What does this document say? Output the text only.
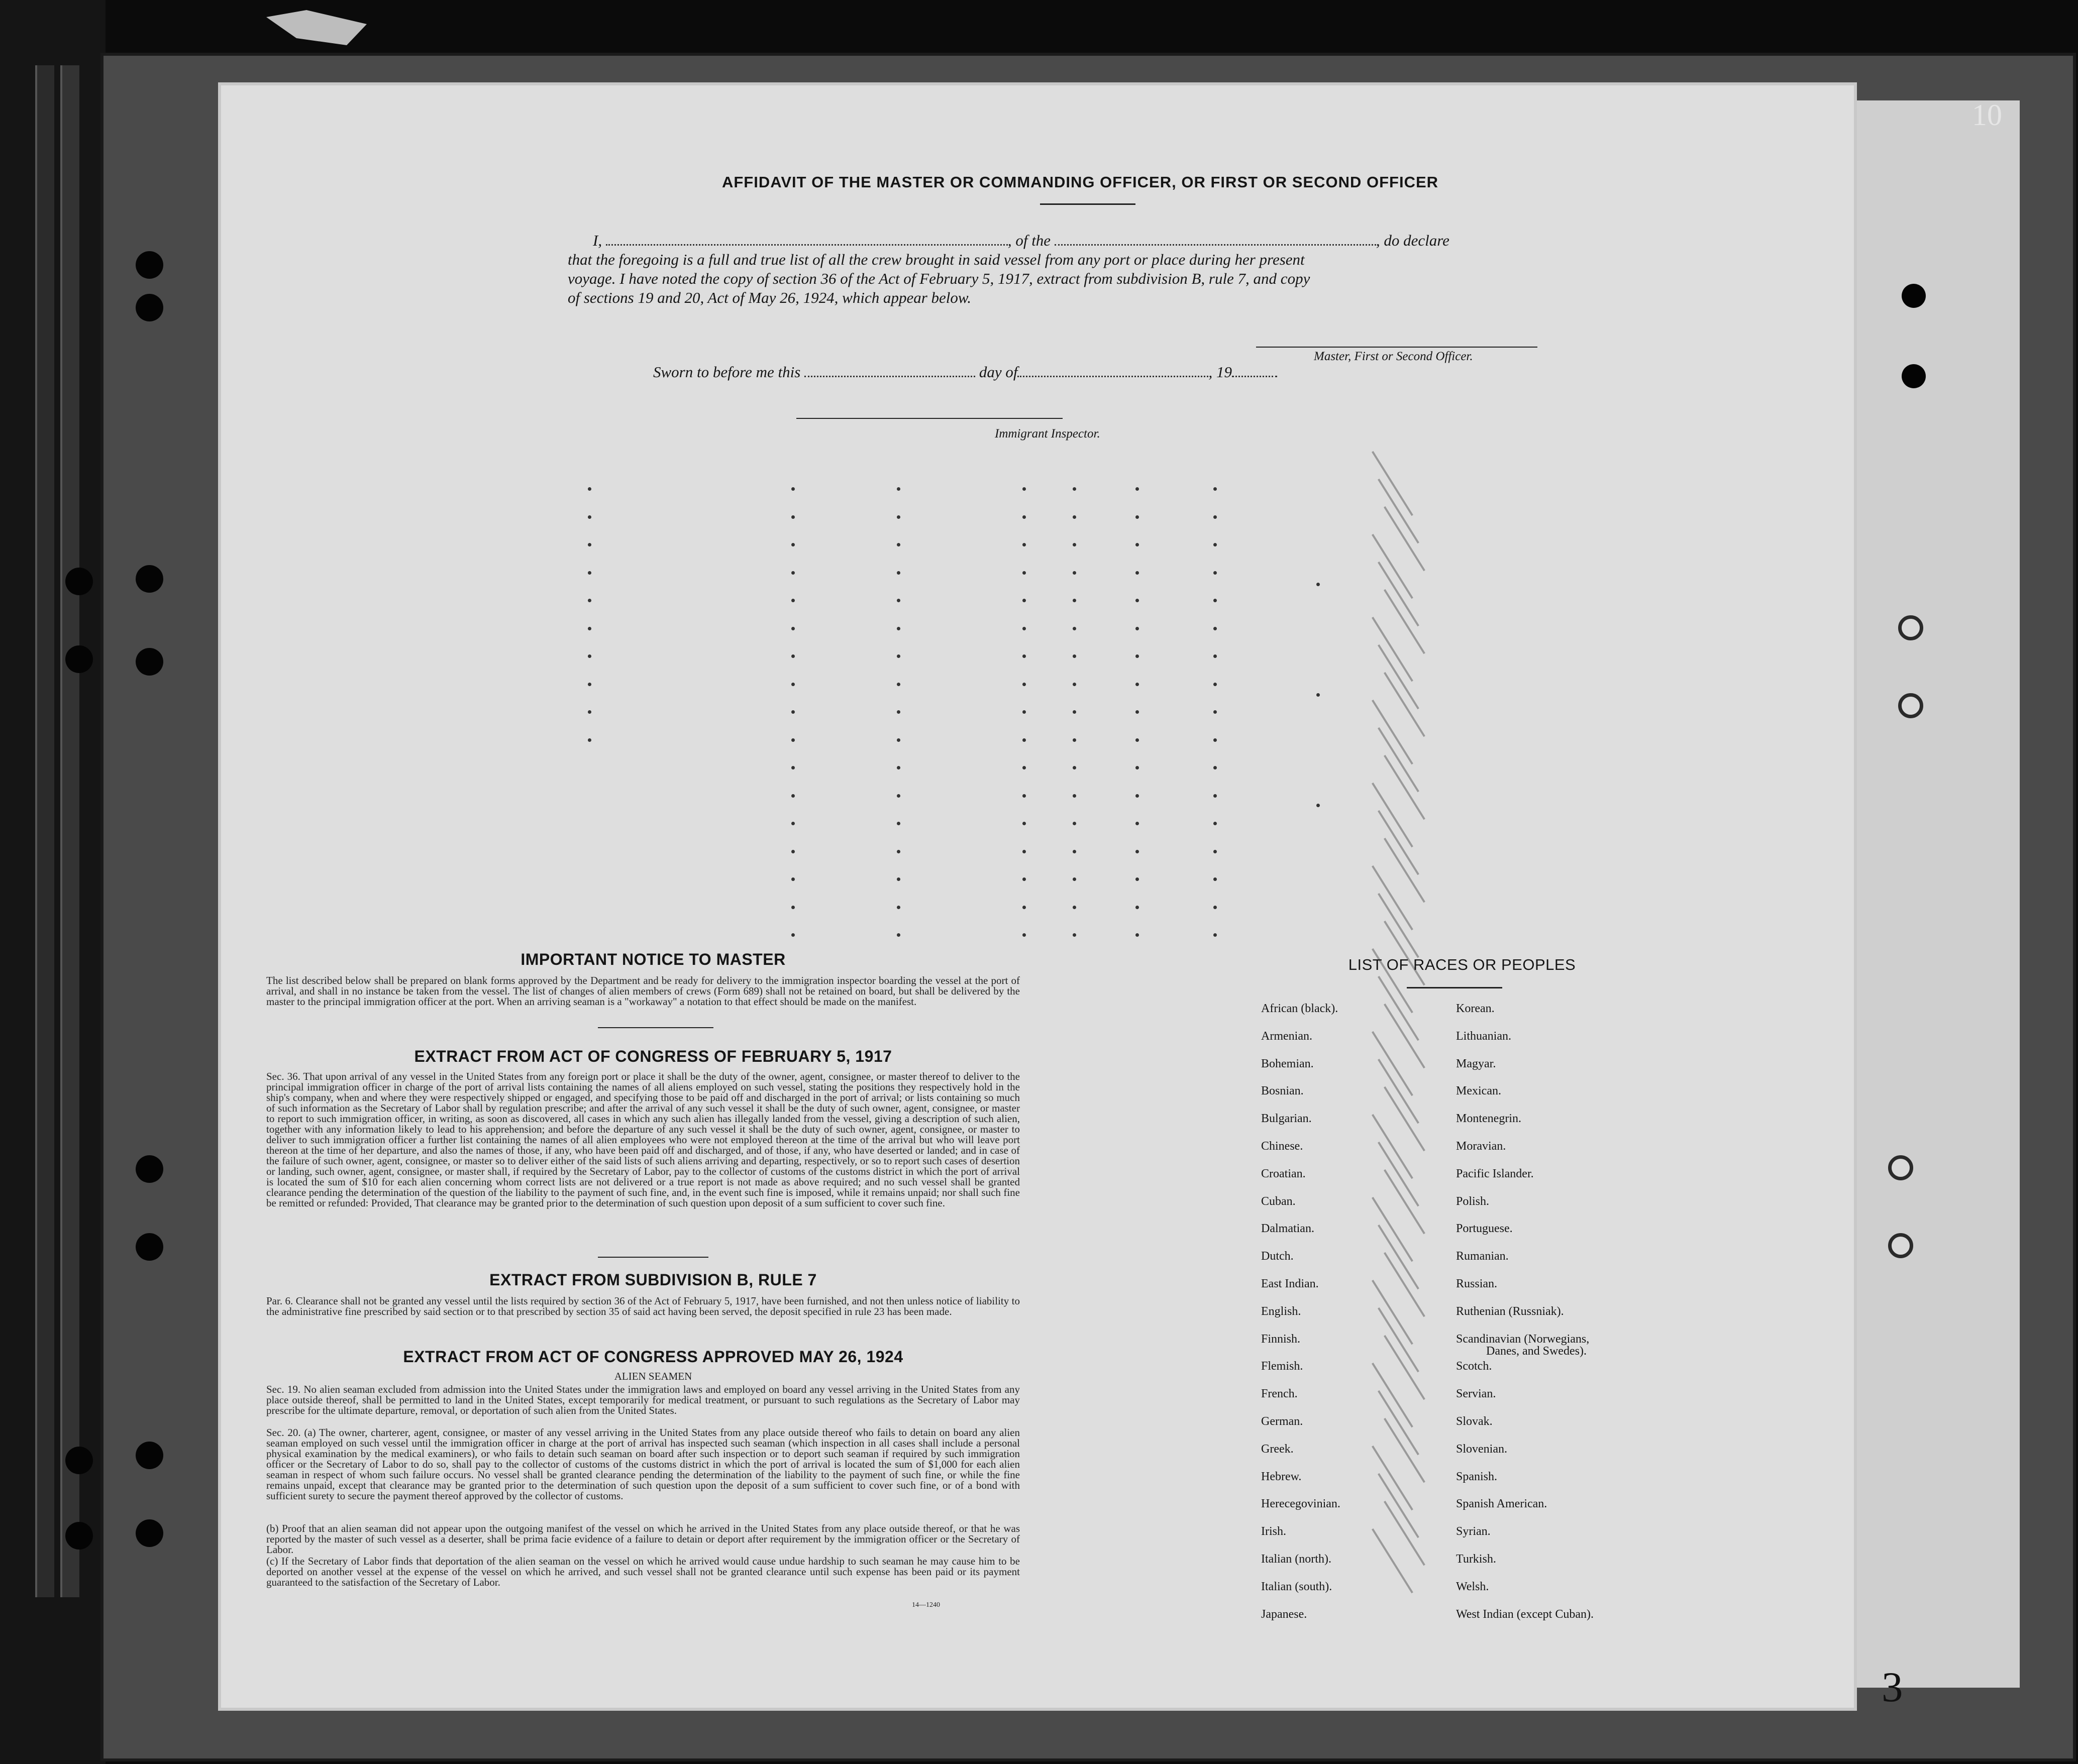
10
3
AFFIDAVIT OF THE MASTER OR COMMANDING OFFICER, OR FIRST OR SECOND OFFICER
I,	, of the	, do declare
that the foregoing is a full and true list of all the crew brought in said vessel from any port or place during her present
voyage. I have noted the copy of section 36 of the Act of February 5, 1917, extract from subdivision B, rule 7, and copy
of sections 19 and 20, Act of May 26, 1924, which appear below.
Master, First or Second Officer.
Sworn to before me this	day of	, 19
Immigrant Inspector.
IMPORTANT NOTICE TO MASTER
The list described below shall be prepared on blank forms approved by the Department and be ready for delivery to the immigration inspector boarding the vessel at the port of arrival, and shall in no instance be taken from the vessel. The list of changes of alien members of crews (Form 689) shall not be retained on board, but shall be delivered by the master to the principal immigration officer at the port. When an arriving seaman is a "workaway" a notation to that effect should be made on the manifest.
EXTRACT FROM ACT OF CONGRESS OF FEBRUARY 5, 1917
Sec. 36. That upon arrival of any vessel in the United States from any foreign port or place it shall be the duty of the owner, agent, consignee, or master thereof to deliver to the principal immigration officer in charge of the port of arrival lists containing the names of all aliens employed on such vessel, stating the positions they respectively hold in the ship's company, when and where they were respectively shipped or engaged, and specifying those to be paid off and discharged in the port of arrival; or lists containing so much of such information as the Secretary of Labor shall by regulation prescribe; and after the arrival of any such vessel it shall be the duty of such owner, agent, consignee, or master to report to such immigration officer, in writing, as soon as discovered, all cases in which any such alien has illegally landed from the vessel, giving a description of such alien, together with any information likely to lead to his apprehension; and before the departure of any such vessel it shall be the duty of such owner, agent, consignee, or master to deliver to such immigration officer a further list containing the names of all alien employees who were not employed thereon at the time of the arrival but who will leave port thereon at the time of her departure, and also the names of those, if any, who have been paid off and discharged, and of those, if any, who have deserted or landed; and in case of the failure of such owner, agent, consignee, or master so to deliver either of the said lists of such aliens arriving and departing, respectively, or so to report such cases of desertion or landing, such owner, agent, consignee, or master shall, if required by the Secretary of Labor, pay to the collector of customs of the customs district in which the port of arrival is located the sum of $10 for each alien concerning whom correct lists are not delivered or a true report is not made as above required; and no such vessel shall be granted clearance pending the determination of the question of the liability to the payment of such fine, and, in the event such fine is imposed, while it remains unpaid; nor shall such fine be remitted or refunded: Provided, That clearance may be granted prior to the determination of such question upon deposit of a sum sufficient to cover such fine.
EXTRACT FROM SUBDIVISION B, RULE 7
Par. 6. Clearance shall not be granted any vessel until the lists required by section 36 of the Act of February 5, 1917, have been furnished, and not then unless notice of liability to the administrative fine prescribed by said section or to that prescribed by section 35 of said act having been served, the deposit specified in rule 23 has been made.
EXTRACT FROM ACT OF CONGRESS APPROVED MAY 26, 1924
ALIEN SEAMEN
Sec. 19. No alien seaman excluded from admission into the United States under the immigration laws and employed on board any vessel arriving in the United States from any place outside thereof, shall be permitted to land in the United States, except temporarily for medical treatment, or pursuant to such regulations as the Secretary of Labor may prescribe for the ultimate departure, removal, or deportation of such alien from the United States.
Sec. 20. (a) The owner, charterer, agent, consignee, or master of any vessel arriving in the United States from any place outside thereof who fails to detain on board any alien seaman employed on such vessel until the immigration officer in charge at the port of arrival has inspected such seaman (which inspection in all cases shall include a personal physical examination by the medical examiners), or who fails to detain such seaman on board after such inspection or to deport such seaman if required by such immigration officer or the Secretary of Labor to do so, shall pay to the collector of customs of the customs district in which the port of arrival is located the sum of $1,000 for each alien seaman in respect of whom such failure occurs. No vessel shall be granted clearance pending the determination of the liability to the payment of such fine, or while the fine remains unpaid, except that clearance may be granted prior to the determination of such question upon the deposit of a sum sufficient to cover such fine, or of a bond with sufficient surety to secure the payment thereof approved by the collector of customs.
(b) Proof that an alien seaman did not appear upon the outgoing manifest of the vessel on which he arrived in the United States from any place outside thereof, or that he was reported by the master of such vessel as a deserter, shall be prima facie evidence of a failure to detain or deport after requirement by the immigration officer or the Secretary of Labor.
(c) If the Secretary of Labor finds that deportation of the alien seaman on the vessel on which he arrived would cause undue hardship to such seaman he may cause him to be deported on another vessel at the expense of the vessel on which he arrived, and such vessel shall not be granted clearance until such expense has been paid or its payment guaranteed to the satisfaction of the Secretary of Labor.
14—1240
LIST OF RACES OR PEOPLES
African (black).
Armenian.
Bohemian.
Bosnian.
Bulgarian.
Chinese.
Croatian.
Cuban.
Dalmatian.
Dutch.
East Indian.
English.
Finnish.
Flemish.
French.
German.
Greek.
Hebrew.
Herecegovinian.
Irish.
Italian (north).
Italian (south).
Japanese.
Korean.
Lithuanian.
Magyar.
Mexican.
Montenegrin.
Moravian.
Pacific Islander.
Polish.
Portuguese.
Rumanian.
Russian.
Ruthenian (Russniak).
Scandinavian (Norwegians,
Scotch.
Servian.
Slovak.
Slovenian.
Spanish.
Spanish American.
Syrian.
Turkish.
Welsh.
West Indian (except Cuban).
Danes, and Swedes).
